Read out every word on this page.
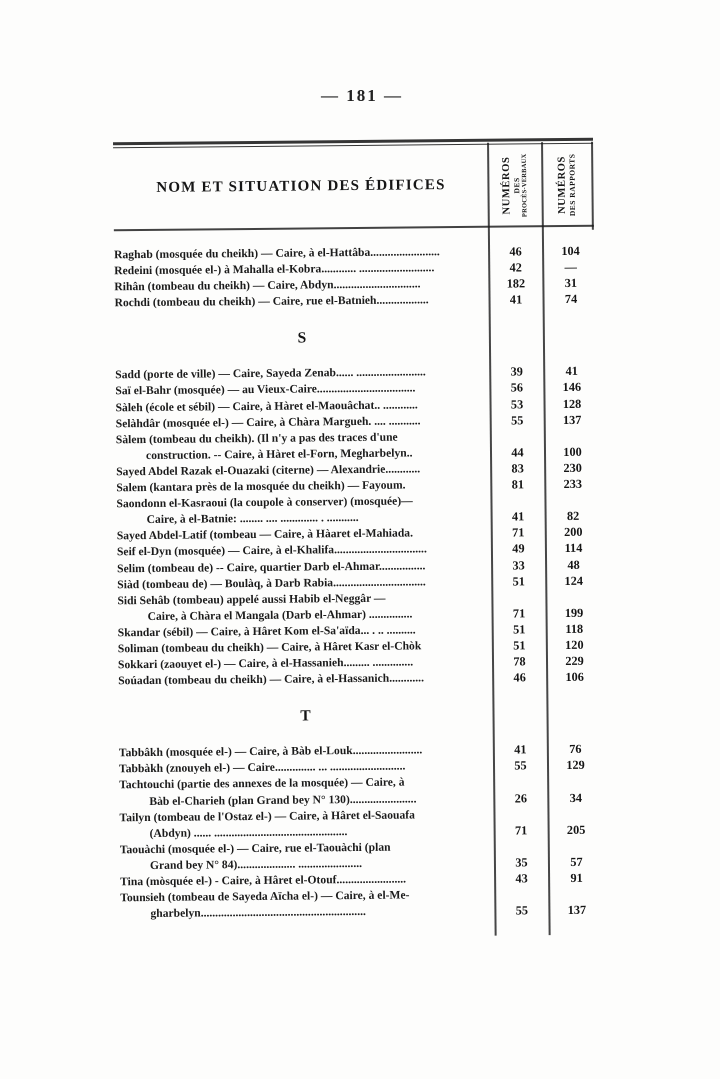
— 181 —
NOM ET SITUATION DES ÉDIFICES	NUMÉROS DES PROCÈS-VERBAUX	NUMÉROS DES RAPPORTS
Raghab (mosquée du cheikh) — Caire, à el-Hattâba........................	46	104
Redeini (mosquée el-) à Mahalla el-Kobra............ ..........................	42	—
Rihân (tombeau du cheikh) — Caire, Abdyn..............................	182	31
Rochdi (tombeau du cheikh) — Caire, rue el-Batnieh..................	41	74
S
Sadd (porte de ville) — Caire, Sayeda Zenab...... ........................	39	41
Saï el-Bahr (mosquée) — au Vieux-Caire..................................	56	146
Sàleh (école et sébil) — Caire, à Hàret el-Maouâchat.. ............	53	128
Selàhdâr (mosquée el-) — Caire, à Chàra Margueh. .... ...........	55	137
Sàlem (tombeau du cheikh). (Il n'y a pas des traces d'une
construction. -- Caire, à Hàret el-Forn, Megharbelyn..	44	100
Sayed Abdel Razak el-Ouazaki (citerne) — Alexandrie............	83	230
Salem (kantara près de la mosquée du cheikh) — Fayoum.	81	233
Saondonn el-Kasraoui (la coupole à conserver) (mosquée)—
Caire, à el-Batnie: ........ .... ............. . ...........	41	82
Sayed Abdel-Latif (tombeau — Caire, à Hàaret el-Mahiada.	71	200
Seif el-Dyn (mosquée) — Caire, à el-Khalifa................................	49	114
Selim (tombeau de) -- Caire, quartier Darb el-Ahmar................	33	48
Siàd (tombeau de) — Boulàq, à Darb Rabia................................	51	124
Sidi Sehâb (tombeau) appelé aussi Habib el-Neggâr —
Caire, à Chàra el Mangala (Darb el-Ahmar) ...............	71	199
Skandar (sébil) — Caire, à Hâret Kom el-Sa'aïda... . .. ..........	51	118
Soliman (tombeau du cheikh) — Caire, à Hâret Kasr el-Chòk	51	120
Sokkari (zaouyet el-) — Caire, à el-Hassanieh......... ..............	78	229
Soúadan (tombeau du cheikh) — Caire, à el-Hassanich............	46	106
T
Tabbâkh (mosquée el-) — Caire, à Bàb el-Louk........................	41	76
Tabbàkh (znouyeh el-) — Caire.............. ... ..........................	55	129
Tachtouchi (partie des annexes de la mosquée) — Caire, à
Bàb el-Charieh (plan Grand bey N° 130).......................	26	34
Tailyn (tombeau de l'Ostaz el-) — Caire, à Hâret el-Saouafa
(Abdyn) ...... ..............................................	71	205
Taouàchi (mosquée el-) — Caire, rue el-Taouàchi (plan
Grand bey N° 84).................... ......................	35	57
Tina (mòsquée el-) - Caire, à Hâret el-Otouf........................	43	91
Tounsieh (tombeau de Sayeda Aïcha el-) — Caire, à el-Me-
gharbelyn.........................................................	55	137
